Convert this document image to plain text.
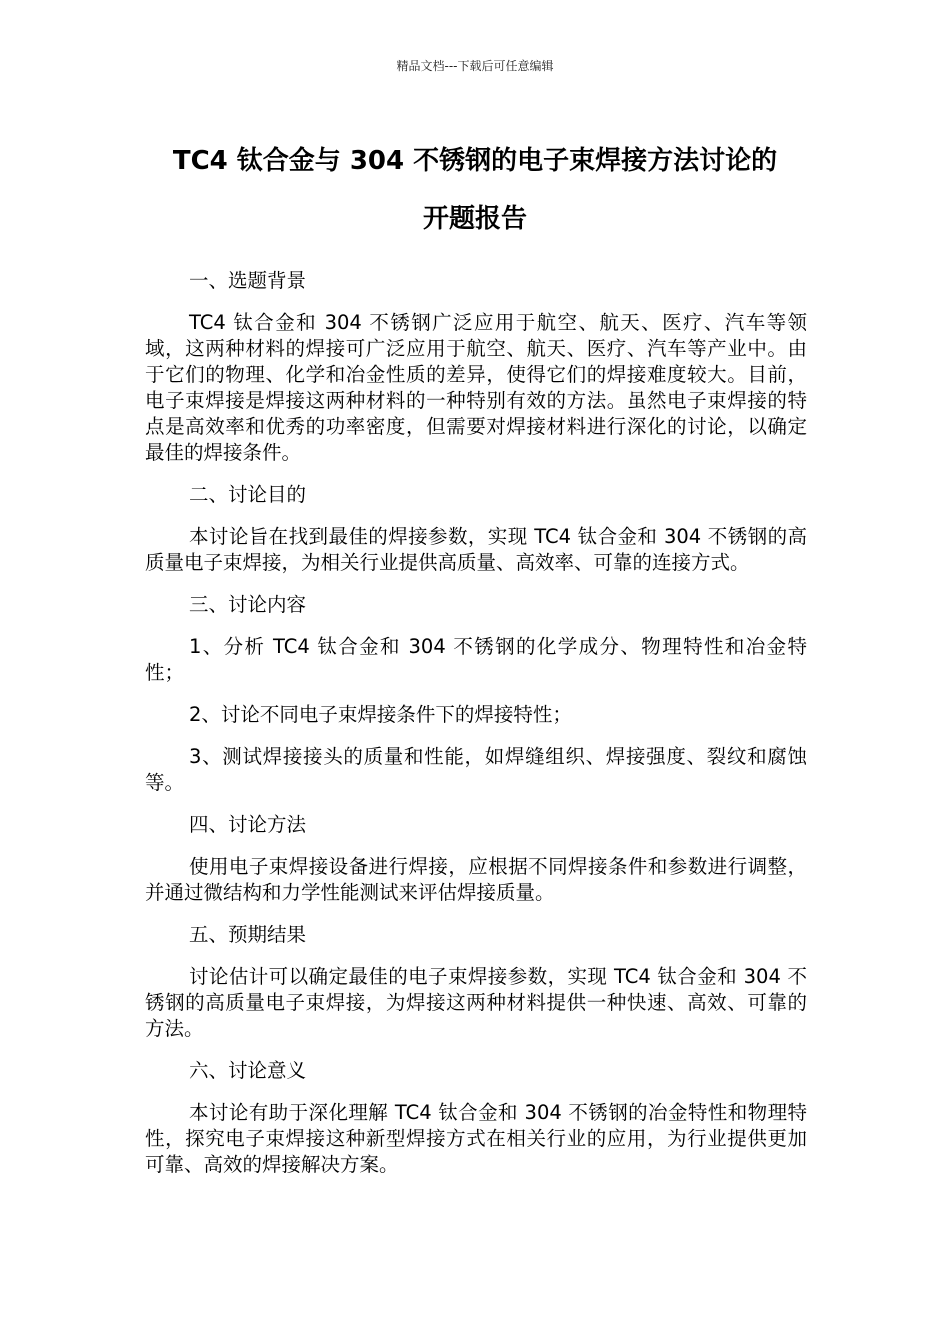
精品文档---下载后可任意编辑
TC4 钛合金与 304 不锈钢的电子束焊接方法讨论的
开题报告

一、选题背景

TC4 钛合金和 304 不锈钢广泛应用于航空、航天、医疗、汽车等领域，这两种材料的焊接可广泛应用于航空、航天、医疗、汽车等产业中。由于它们的物理、化学和冶金性质的差异，使得它们的焊接难度较大。目前，电子束焊接是焊接这两种材料的一种特别有效的方法。虽然电子束焊接的特点是高效率和优秀的功率密度，但需要对焊接材料进行深化的讨论，以确定最佳的焊接条件。

二、讨论目的

本讨论旨在找到最佳的焊接参数，实现 TC4 钛合金和 304 不锈钢的高质量电子束焊接，为相关行业提供高质量、高效率、可靠的连接方式。

三、讨论内容

1、分析 TC4 钛合金和 304 不锈钢的化学成分、物理特性和冶金特性；

2、讨论不同电子束焊接条件下的焊接特性；

3、测试焊接接头的质量和性能，如焊缝组织、焊接强度、裂纹和腐蚀等。

四、讨论方法

使用电子束焊接设备进行焊接，应根据不同焊接条件和参数进行调整，并通过微结构和力学性能测试来评估焊接质量。

五、预期结果

讨论估计可以确定最佳的电子束焊接参数，实现 TC4 钛合金和 304 不锈钢的高质量电子束焊接，为焊接这两种材料提供一种快速、高效、可靠的方法。

六、讨论意义

本讨论有助于深化理解 TC4 钛合金和 304 不锈钢的冶金特性和物理特性，探究电子束焊接这种新型焊接方式在相关行业的应用，为行业提供更加可靠、高效的焊接解决方案。
